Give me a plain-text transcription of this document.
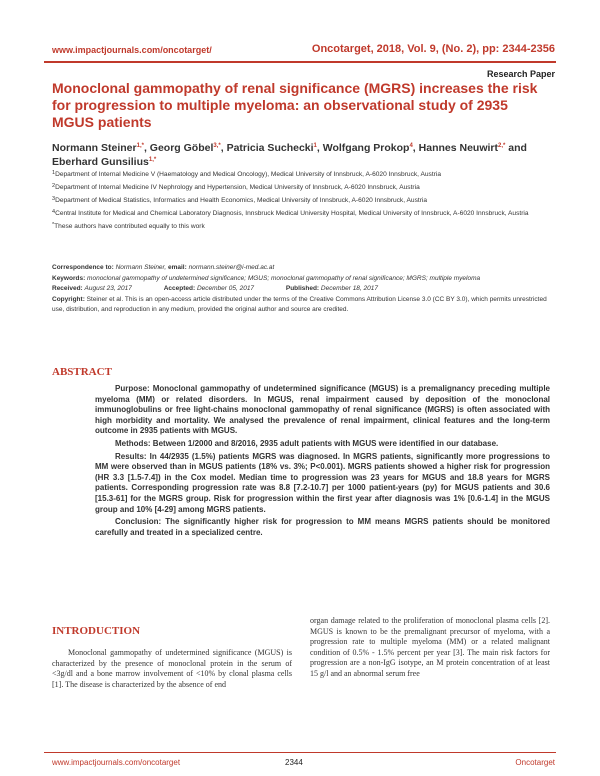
www.impactjournals.com/oncotarget/	Oncotarget, 2018, Vol. 9, (No. 2), pp: 2344-2356
Research Paper
Monoclonal gammopathy of renal significance (MGRS) increases the risk for progression to multiple myeloma: an observational study of 2935 MGUS patients
Normann Steiner$^{1,*}$, Georg Göbel$^{3,*}$, Patricia Suchecki$^1$, Wolfgang Prokop$^4$, Hannes Neuwirt$^{2,*}$ and Eberhard Gunsilius$^{1,*}$
$^1$Department of Internal Medicine V (Haematology and Medical Oncology), Medical University of Innsbruck, A-6020 Innsbruck, Austria
$^2$Department of Internal Medicine IV Nephrology and Hypertension, Medical University of Innsbruck, A-6020 Innsbruck, Austria
$^3$Department of Medical Statistics, Informatics and Health Economics, Medical University of Innsbruck, A-6020 Innsbruck, Austria
$^4$Central Institute for Medical and Chemical Laboratory Diagnosis, Innsbruck Medical University Hospital, Medical University of Innsbruck, A-6020 Innsbruck, Austria
*These authors have contributed equally to this work
Correspondence to: Normann Steiner, email: normann.steiner@i-med.ac.at
Keywords: monoclonal gammopathy of undetermined significance; MGUS; monoclonal gammopathy of renal significance; MGRS; multiple myeloma
Received: August 23, 2017	Accepted: December 05, 2017	Published: December 18, 2017
Copyright: Steiner et al. This is an open-access article distributed under the terms of the Creative Commons Attribution License 3.0 (CC BY 3.0), which permits unrestricted use, distribution, and reproduction in any medium, provided the original author and source are credited.
ABSTRACT

Purpose: Monoclonal gammopathy of undetermined significance (MGUS) is a premalignancy preceding multiple myeloma (MM) or related disorders. In MGUS, renal impairment caused by deposition of the monoclonal immunoglobulins or free light-chains monoclonal gammopathy of renal significance (MGRS) is often associated with high morbidity and mortality. We analysed the prevalence of renal impairment, clinical features and the long-term outcome in 2935 patients with MGUS.

Methods: Between 1/2000 and 8/2016, 2935 adult patients with MGUS were identified in our database.

Results: In 44/2935 (1.5%) patients MGRS was diagnosed. In MGRS patients, significantly more progressions to MM were observed than in MGUS patients (18% vs. 3%; P<0.001). MGRS patients showed a higher risk for progression (HR 3.3 [1.5-7.4]) in the Cox model. Median time to progression was 23 years for MGUS and 18.8 years for MGRS patients. Corresponding progression rate was 8.8 [7.2-10.7] per 1000 patient-years (py) for MGUS patients and 30.6 [15.3-61] for the MGRS group. Risk for progression within the first year after diagnosis was 1% [0.6-1.4] in the MGUS group and 10% [4-29] among MGRS patients.

Conclusion: The significantly higher risk for progression to MM means MGRS patients should be monitored carefully and treated in a specialized centre.

INTRODUCTION
Monoclonal gammopathy of undetermined significance (MGUS) is characterized by the presence of monoclonal protein in the serum of <3g/dl and a bone marrow involvement of <10% by clonal plasma cells [1]. The disease is characterized by the absence of end
organ damage related to the proliferation of monoclonal plasma cells [2]. MGUS is known to be the premalignant precursor of myeloma, with a progression rate to multiple myeloma (MM) or a related malignant condition of 0.5% - 1.5% percent per year [3]. The main risk factors for progression are a non-IgG isotype, an M protein concentration of at least 15 g/l and an abnormal serum free
www.impactjournals.com/oncotarget	2344	Oncotarget
